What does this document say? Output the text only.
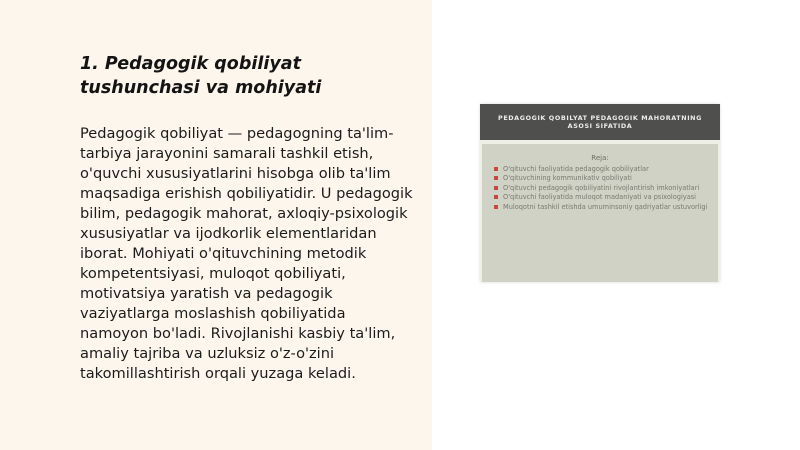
1. Pedagogik qobiliyat tushunchasi va mohiyati

Pedagogik qobiliyat — pedagogning ta'lim-tarbiya jarayonini samarali tashkil etish, o'quvchi xususiyatlarini hisobga olib ta'lim maqsadiga erishish qobiliyatidir. U pedagogik bilim, pedagogik mahorat, axloqiy-psixologik xususiyatlar va ijodkorlik elementlaridan iborat. Mohiyati o'qituvchining metodik kompetentsiyasi, muloqot qobiliyati, motivatsiya yaratish va pedagogik vaziyatlarga moslashish qobiliyatida namoyon bo'ladi. Rivojlanishi kasbiy ta'lim, amaliy tajriba va uzluksiz o'z-o'zini takomillashtirish orqali yuzaga keladi.

PEDAGOGIK QOBILYAT PEDAGOGIK MAHORATNING ASOSI SIFATIDA
Reja:
O'qituvchi faoliyatida pedagogik qobiliyatlar
O'qituvchining kommunikativ qobiliyati
O'qituvchi pedagogik qobiliyatini rivojlantirish imkoniyatlari
O'qituvchi faoliyatida muloqot madaniyati va psixologiyasi
Muloqotni tashkil etishda umuminsoniy qadriyatlar ustuvorligi
